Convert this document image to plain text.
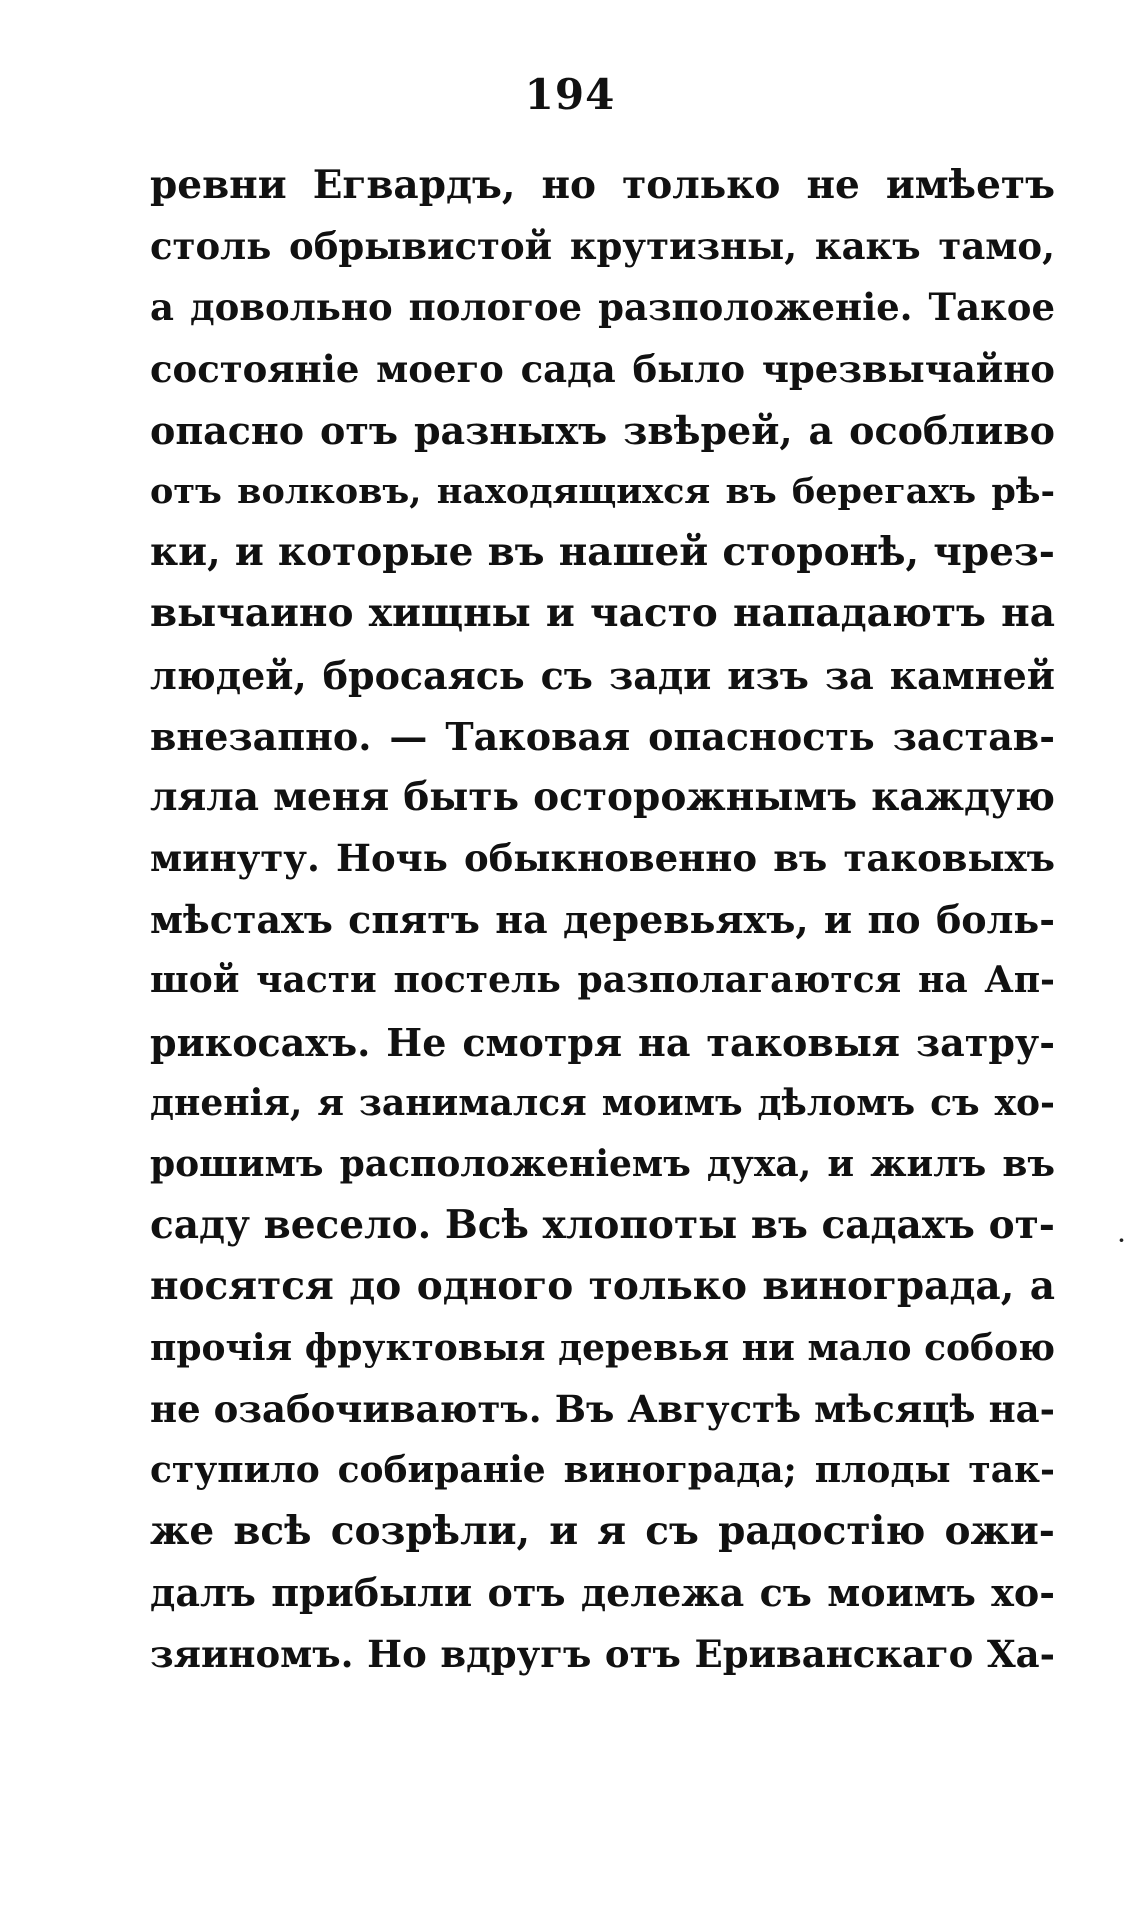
194
ревни Егвардъ, но только не имѣетъ
столь обрывистой крутизны, какъ тамо,
а довольно пологое разположеніе. Такое
состояніе моего сада было чрезвычайно
опасно отъ разныхъ звѣрей, а особливо
отъ волковъ, находящихся въ берегахъ рѣ-
ки, и которые въ нашей сторонѣ, чрез-
вычаино хищны и часто нападаютъ на
людей, бросаясь съ зади изъ за камней
внезапно. — Таковая опасность застав-
ляла меня быть осторожнымъ каждую
минуту. Ночь обыкновенно въ таковыхъ
мѣстахъ спятъ на деревьяхъ, и по боль-
шой части постель разполагаются на Ап-
рикосахъ. Не смотря на таковыя затру-
дненія, я занимался моимъ дѣломъ съ хо-
рошимъ расположеніемъ духа, и жилъ въ
саду весело. Всѣ хлопоты въ садахъ от-
носятся до одного только винограда, а
прочія фруктовыя деревья ни мало собою
не озабочиваютъ. Въ Августѣ мѣсяцѣ на-
ступило собираніе винограда; плоды так-
же всѣ созрѣли, и я съ радостію ожи-
далъ прибыли отъ дележа съ моимъ хо-
зяиномъ. Но вдругъ отъ Ериванскаго Ха-
·
